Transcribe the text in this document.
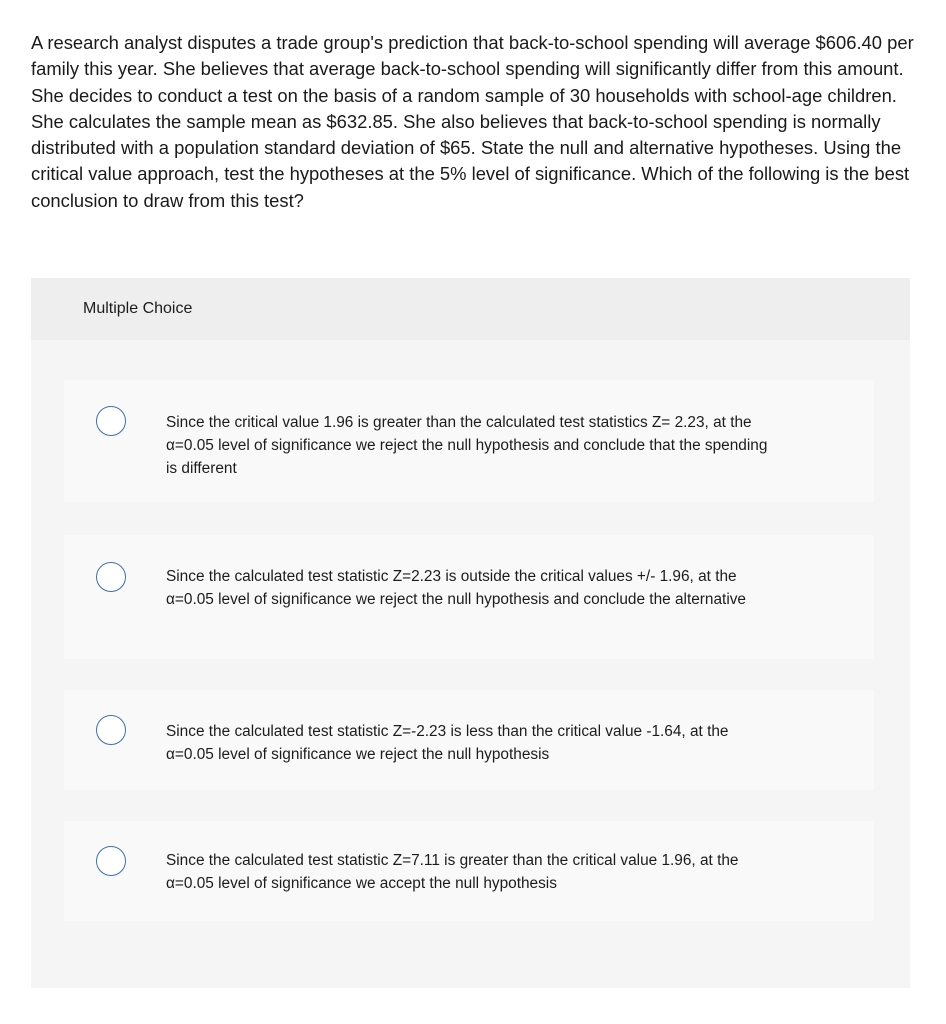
A research analyst disputes a trade group's prediction that back-to-school spending will average $606.40 per family this year. She believes that average back-to-school spending will significantly differ from this amount. She decides to conduct a test on the basis of a random sample of 30 households with school-age children. She calculates the sample mean as $632.85. She also believes that back-to-school spending is normally distributed with a population standard deviation of $65. State the null and alternative hypotheses. Using the critical value approach, test the hypotheses at the 5% level of significance. Which of the following is the best conclusion to draw from this test?

Multiple Choice
Since the critical value 1.96 is greater than the calculated test statistics Z= 2.23, at the α=0.05 level of significance we reject the null hypothesis and conclude that the spending is different
Since the calculated test statistic Z=2.23 is outside the critical values +/- 1.96, at the α=0.05 level of significance we reject the null hypothesis and conclude the alternative
Since the calculated test statistic Z=-2.23 is less than the critical value -1.64, at the α=0.05 level of significance we reject the null hypothesis
Since the calculated test statistic Z=7.11 is greater than the critical value 1.96, at the α=0.05 level of significance we accept the null hypothesis
